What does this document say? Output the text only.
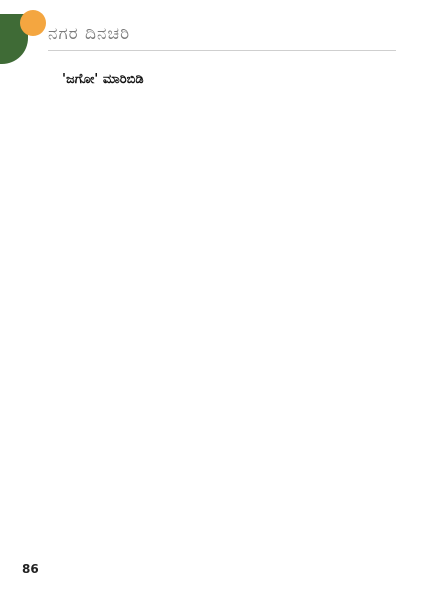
ನಗರ ದಿನಚರಿ

'ಜಗೋ' ಮಾರಿಬಿಡಿ

86
